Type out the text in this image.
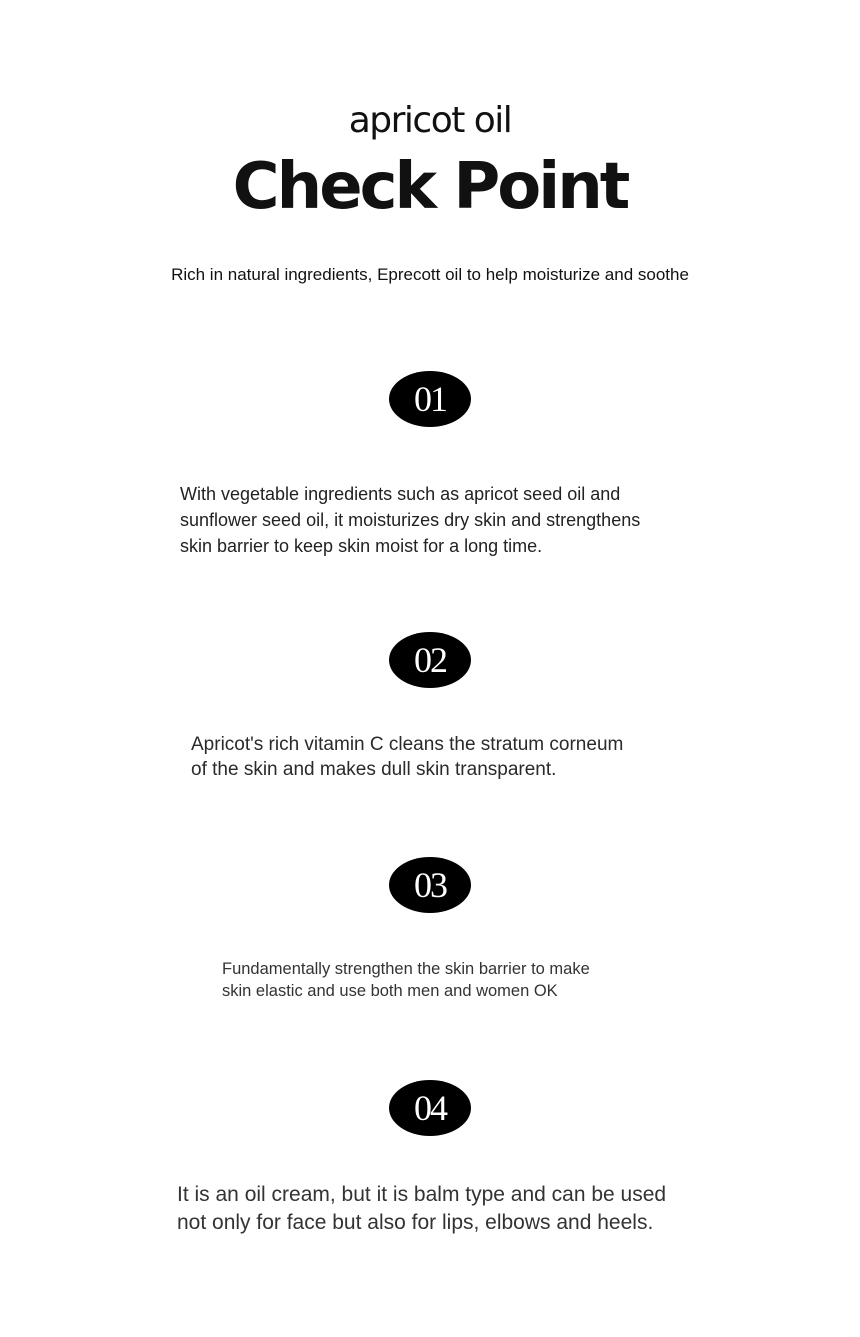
apricot oil
Check Point
Rich in natural ingredients, Eprecott oil to help moisturize and soothe
01
With vegetable ingredients such as apricot seed oil and
sunflower seed oil, it moisturizes dry skin and strengthens
skin barrier to keep skin moist for a long time.
02
Apricot's rich vitamin C cleans the stratum corneum
of the skin and makes dull skin transparent.
03
Fundamentally strengthen the skin barrier to make
skin elastic and use both men and women OK
04
It is an oil cream, but it is balm type and can be used
not only for face but also for lips, elbows and heels.
